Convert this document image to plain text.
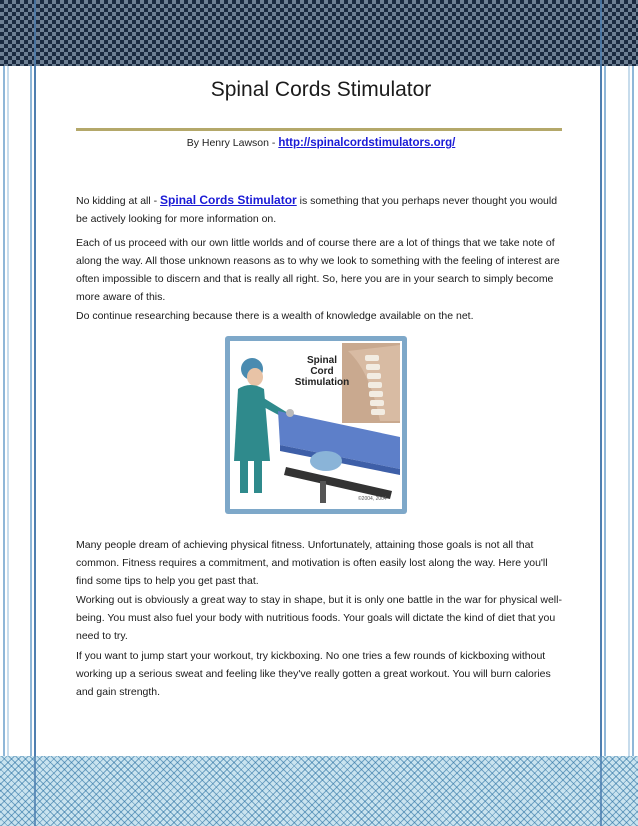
Spinal Cords Stimulator
By Henry Lawson - http://spinalcordstimulators.org/

No kidding at all - Spinal Cords Stimulator is something that you perhaps never thought you would be actively looking for more information on.

Each of us proceed with our own little worlds and of course there are a lot of things that we take note of along the way. All those unknown reasons as to why we look to something with the feeling of interest are often impossible to discern and that is really all right. So, here you are in your search to simply become more aware of this.

Do continue researching because there is a wealth of knowledge available on the net.

Spinal
Cord
Stimulation
©2004, 2004

Many people dream of achieving physical fitness. Unfortunately, attaining those goals is not all that common. Fitness requires a commitment, and motivation is often easily lost along the way. Here you'll find some tips to help you get past that.

Working out is obviously a great way to stay in shape, but it is only one battle in the war for physical well-being. You must also fuel your body with nutritious foods. Your goals will dictate the kind of diet that you need to try.

If you want to jump start your workout, try kickboxing. No one tries a few rounds of kickboxing without working up a serious sweat and feeling like they've really gotten a great workout. You will burn calories and gain strength.
